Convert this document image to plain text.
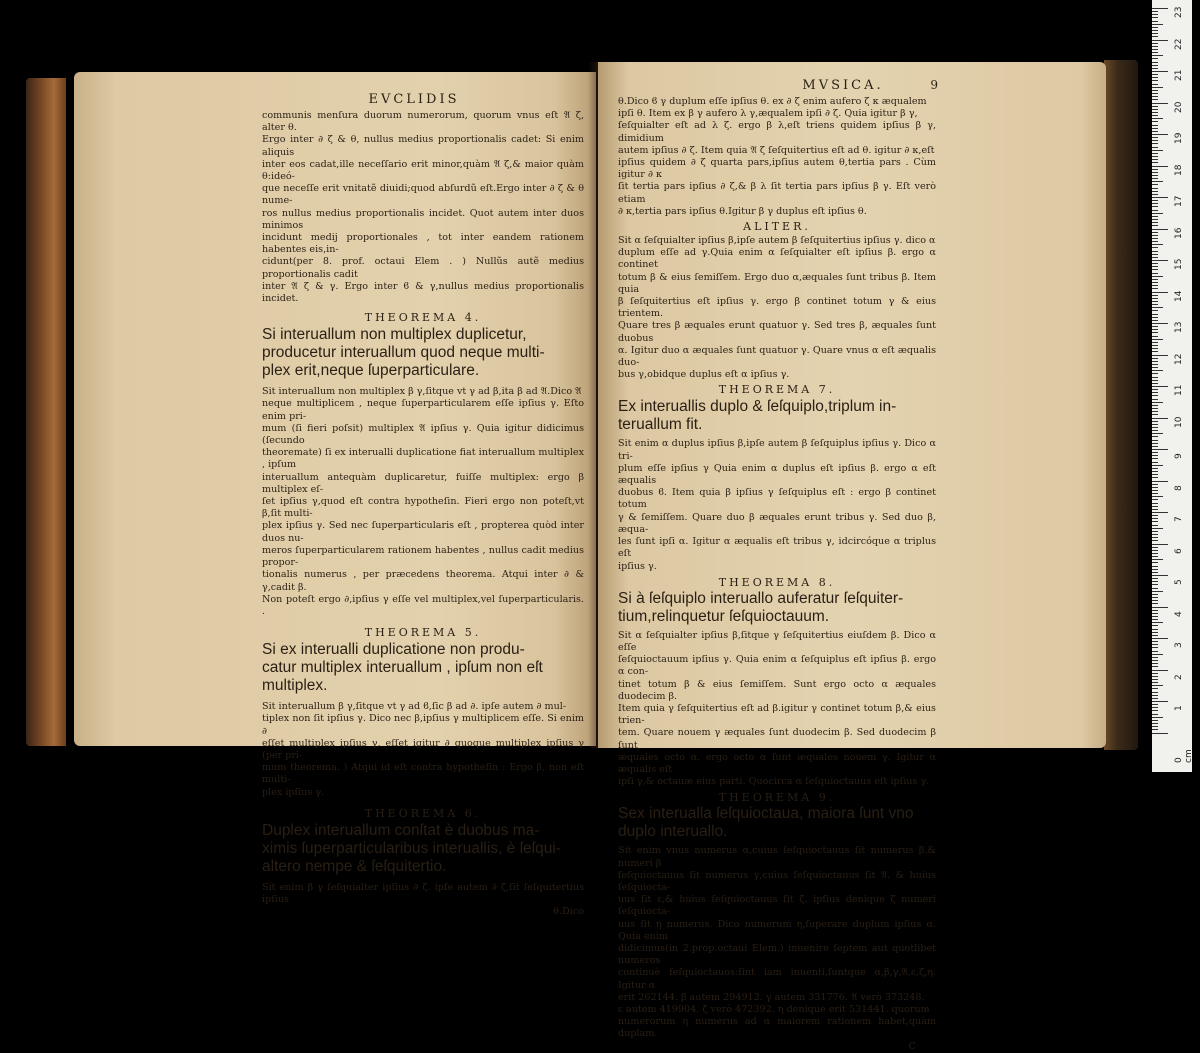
EVCLIDIS

communis menſura duorum numerorum, quorum vnus eſt 𝔄 ζ, alter θ.

Ergo inter ∂ ζ & θ, nullus medius proportionalis cadet: Si enim aliquis

inter eos cadat,ille neceſſario erit minor,quàm 𝔄 ζ,& maior quàm θ:ideó-

que neceſſe erit vnitatẽ diuidi;quod abſurdũ eſt.Ergo inter ∂ ζ & θ nume-

ros nullus medius proportionalis incidet. Quot autem inter duos minimos

incidunt medij proportionales , tot inter eandem rationem habentes eis,in-

cidunt(per 8. prof. octaui Elem . ) Nullũs autẽ medius proportionalis cadit

inter 𝔄 ζ & γ. Ergo inter ϐ & γ,nullus medius proportionalis incidet.

THEOREMA 4.

Si interuallum non multiplex duplicetur,

producetur interuallum quod neque multi-

plex erit,neque ſuperparticulare.

Sit interuallum non multiplex β γ,ſitque vt γ ad β,ita β ad 𝔄.Dico 𝔄

neque multiplicem , neque ſuperparticularem eſſe ipſius γ. Eſto enim pri-

mum (ſi fieri poſsit) multiplex 𝔄 ipſius γ. Quia igitur didicimus (ſecundo

theoremate) ſi ex interualli duplicatione fiat interuallum multiplex , ipſum

interuallum antequàm duplicaretur, fuiſſe multiplex: ergo β multiplex eſ-

ſet ipſius γ,quod eſt contra hypotheſin. Fieri ergo non poteſt,vt β,ſit multi-

plex ipſius γ. Sed nec ſuperparticularis eſt , propterea quòd inter duos nu-

meros ſuperparticularem rationem habentes , nullus cadit medius propor-

tionalis numerus , per præcedens theorema. Atqui inter ∂ & γ,cadit β.

Non poteſt ergo ∂,ipſius γ eſſe vel multiplex,vel ſuperparticularis. .

THEOREMA 5.

Si ex interualli duplicatione non produ-

catur multiplex interuallum , ipſum non eſt

multiplex.

Sit interuallum β γ,ſitque vt γ ad ϐ,ſic β ad ∂. ipſe autem ∂ mul-

tiplex non ſit ipſius γ. Dico nec β,ipſius γ multiplicem eſſe. Si enim ∂

eſſet multiplex ipſius γ, eſſet igitur ∂ quoque multiplex ipſius γ (per pri-

mum theorema. ) Atqui id eſt contra hypotheſin : Ergo β, non eſt multi-

plex ipſius γ.

THEOREMA 6.

Duplex interuallum conſtat è duobus ma-

ximis ſuperparticularibus interuallis, è ſeſqui-

altero nempe & ſeſquitertio.

Sit enim β γ ſeſquialter ipſius ∂ ζ. ipſe autem ∂ ζ,ſit ſeſquitertius ipſius

θ.Dico

MVSICA.	9

θ.Dico ϐ γ duplum eſſe ipſius θ. ex ∂ ζ enim aufero ζ κ æqualem

ipſi θ. Item ex β γ aufero λ γ,æqualem ipſi ∂ ζ. Quia igitur β γ,

ſeſquialter eſt ad λ ζ. ergo β λ,eſt triens quidem ipſius β γ, dimidium

autem ipſius ∂ ζ. Item quia 𝔄 ζ ſeſquitertius eſt ad θ. igitur ∂ κ,eſt

ipſius quidem ∂ ζ quarta pars,ipſius autem θ,tertia pars . Cùm igitur ∂ κ

ſit tertia pars ipſius ∂ ζ,& β λ ſit tertia pars ipſius β γ. Eſt verò etiam

∂ κ,tertia pars ipſius θ.Igitur β γ duplus eſt ipſius θ.

ALITER.

Sit α ſeſquialter ipſius β,ipſe autem β ſeſquitertius ipſius γ. dico α

duplum eſſe ad γ.Quia enim α ſeſquialter eſt ipſius β. ergo α continet

totum β & eius ſemiſſem. Ergo duo α,æquales ſunt tribus β. Item quia

β ſeſquitertius eſt ipſius γ. ergo β continet totum γ & eius trientem.

Quare tres β æquales erunt quatuor γ. Sed tres β, æquales ſunt duobus

α. Igitur duo α æquales ſunt quatuor γ. Quare vnus α eſt æqualis duo-

bus γ,obidque duplus eſt α ipſius γ.

THEOREMA 7.

Ex interuallis duplo & ſeſquiplo,triplum in-

teruallum fit.

Sit enim α duplus ipſius β,ipſe autem β ſeſquiplus ipſius γ. Dico α tri-

plum eſſe ipſius γ Quia enim α duplus eſt ipſius β. ergo α eſt æqualis

duobus ϐ. Item quia β ipſius γ ſeſquiplus eſt : ergo β continet totum

γ & ſemiſſem. Quare duo β æquales erunt tribus γ. Sed duo β, æqua-

les ſunt ipſi α. Igitur α æqualis eſt tribus γ, idcircóque α triplus eſt

ipſius γ.

THEOREMA 8.

Si à ſeſquiplo interuallo auferatur ſeſquiter-

tium,relinquetur ſeſquioctauum.

Sit α ſeſquialter ipſius β,ſitque γ ſeſquitertius eiuſdem β. Dico α eſſe

ſeſquioctauum ipſius γ. Quia enim α ſeſquiplus eſt ipſius β. ergo α con-

tinet totum β & eius ſemiſſem. Sunt ergo octo α æquales duodecim β.

Item quia γ ſeſquitertius eſt ad β.igitur γ continet totum β,& eius trien-

tem. Quare nouem γ æquales ſunt duodecim β. Sed duodecim β ſunt

æquales octo α. ergo octo α ſunt æquales nouem γ. Igitur α æqualis eſt

ipſi γ,& octauæ eius parti. Quocirca α ſeſquioctauus eſt ipſius γ.

THEOREMA 9.

Sex interualla ſeſquioctaua, maiora ſunt vno

duplo interuallo.

Sit enim vnus numerus α,cuius ſeſquioctauus ſit numerus β.& numeri β

ſeſquioctauus ſit numerus γ,cuius ſeſquioctauus ſit 𝔄. & huius ſeſquiocta-

uus ſit ε,& huius ſeſquioctauus ſit ζ. ipſius denique ζ numeri ſeſquiocta-

uus ſit η numerus. Dico numerum η,ſuperare duplum ipſius α. Quia enim

didicimus(in 2.prop.octaui Elem.) inuenire ſeptem aut quotlibet numeros

continuè ſeſquioctauos:ſint iam inuenti,ſuntque α,β,γ,𝔄,ε,ζ,η. Igitur α

erit 262144. β autem 294912. γ autem 331776. 𝔄 verò 373248.

ε autem 419904. ζ verò 472392. η denique erit 531441. quorum

numerorum η numerus ad α maiorem rationem habet,quàm duplam.

C

23
22
21
20
19
18
17
16
15
14
13
12
11
10
9
8
7
6
5
4
3
2
1
0 cm
